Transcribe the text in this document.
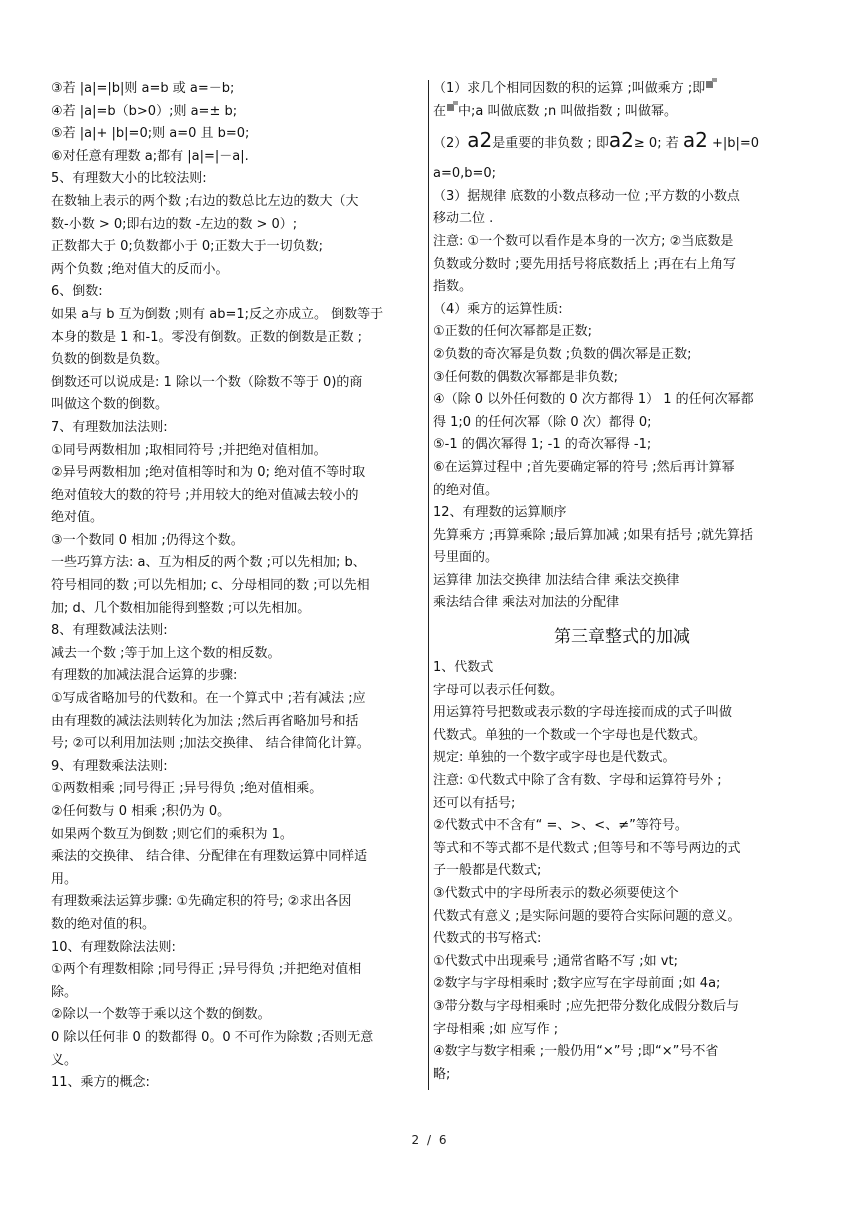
③若 |a|=|b|则 a=b 或 a=－b;
④若 |a|=b（b>0）;则 a=± b;
⑤若 |a|+ |b|=0;则 a=0 且 b=0;
⑥对任意有理数 a;都有 |a|=|－a|.
5、有理数大小的比较法则:
在数轴上表示的两个数 ;右边的数总比左边的数大（大
数-小数 > 0;即右边的数 -左边的数 > 0）;
正数都大于 0;负数都小于 0;正数大于一切负数;
两个负数 ;绝对值大的反而小。
6、倒数:
如果 a与 b 互为倒数 ;则有 ab=1;反之亦成立。 倒数等于
本身的数是 1 和-1。零没有倒数。正数的倒数是正数 ;
负数的倒数是负数。
倒数还可以说成是: 1 除以一个数（除数不等于 0)的商
叫做这个数的倒数。
7、有理数加法法则:
①同号两数相加 ;取相同符号 ;并把绝对值相加。
②异号两数相加 ;绝对值相等时和为 0; 绝对值不等时取
绝对值较大的数的符号 ;并用较大的绝对值减去较小的
绝对值。
③一个数同 0 相加 ;仍得这个数。
一些巧算方法: a、互为相反的两个数 ;可以先相加; b、
符号相同的数 ;可以先相加; c、分母相同的数 ;可以先相
加; d、几个数相加能得到整数 ;可以先相加。
8、有理数减法法则:
减去一个数 ;等于加上这个数的相反数。
有理数的加减法混合运算的步骤:
①写成省略加号的代数和。在一个算式中 ;若有减法 ;应
由有理数的减法法则转化为加法 ;然后再省略加号和括
号; ②可以利用加法则 ;加法交换律、 结合律简化计算。
9、有理数乘法法则:
①两数相乘 ;同号得正 ;异号得负 ;绝对值相乘。
②任何数与 0 相乘 ;积仍为 0。
如果两个数互为倒数 ;则它们的乘积为 1。
乘法的交换律、 结合律、分配律在有理数运算中同样适
用。
有理数乘法运算步骤: ①先确定积的符号; ②求出各因
数的绝对值的积。
10、有理数除法法则:
①两个有理数相除 ;同号得正 ;异号得负 ;并把绝对值相
除。
②除以一个数等于乘以这个数的倒数。
0 除以任何非 0 的数都得 0。0 不可作为除数 ;否则无意
义。
11、乘方的概念:
（1）求几个相同因数的积的运算 ;叫做乘方 ;即
在 中;a 叫做底数 ;n 叫做指数 ; 叫做幂。
（2）a2是重要的非负数 ; 即a2≥ 0; 若 a2 +|b|=0
a=0,b=0;
（3）据规律 底数的小数点移动一位 ;平方数的小数点
移动二位 .
注意: ①一个数可以看作是本身的一次方; ②当底数是
负数或分数时 ;要先用括号将底数括上 ;再在右上角写
指数。
（4）乘方的运算性质:
①正数的任何次幂都是正数;
②负数的奇次幂是负数 ;负数的偶次幂是正数;
③任何数的偶数次幂都是非负数;
④（除 0 以外任何数的 0 次方都得 1） 1 的任何次幂都
得 1;0 的任何次幂（除 0 次）都得 0;
⑤-1 的偶次幂得 1; -1 的奇次幂得 -1;
⑥在运算过程中 ;首先要确定幂的符号 ;然后再计算幂
的绝对值。
12、有理数的运算顺序
先算乘方 ;再算乘除 ;最后算加减 ;如果有括号 ;就先算括
号里面的。
运算律 加法交换律 加法结合律 乘法交换律
乘法结合律 乘法对加法的分配律
第三章整式的加减
1、代数式
字母可以表示任何数。
用运算符号把数或表示数的字母连接而成的式子叫做
代数式。单独的一个数或一个字母也是代数式。
规定: 单独的一个数字或字母也是代数式。
注意: ①代数式中除了含有数、字母和运算符号外 ;
还可以有括号;
②代数式中不含有“ =、>、<、≠”等符号。
等式和不等式都不是代数式 ;但等号和不等号两边的式
子一般都是代数式;
③代数式中的字母所表示的数必须要使这个
代数式有意义 ;是实际问题的要符合实际问题的意义。
代数式的书写格式:
①代数式中出现乘号 ;通常省略不写 ;如 vt;
②数字与字母相乘时 ;数字应写在字母前面 ;如 4a;
③带分数与字母相乘时 ;应先把带分数化成假分数后与
字母相乘 ;如 应写作 ;
④数字与数字相乘 ;一般仍用“×”号 ;即“×”号不省
略;
2 / 6
